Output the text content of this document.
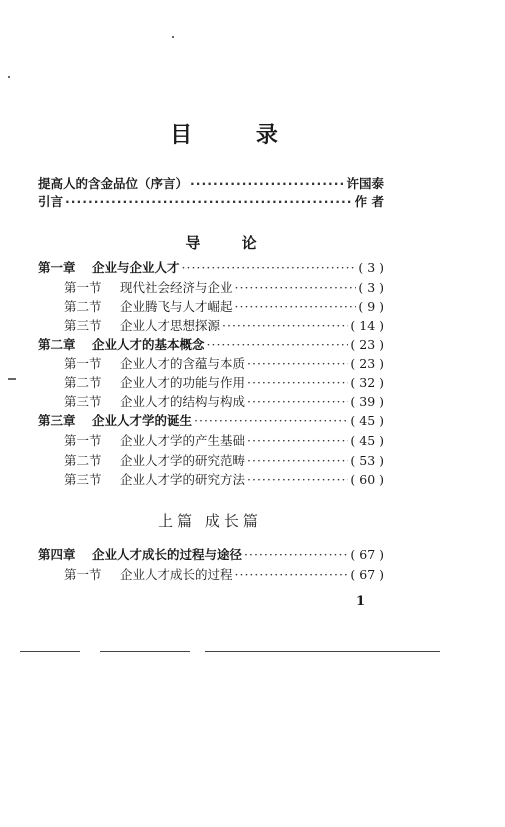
目 录
提高人的含金品位（序言） ·····	许国泰
引言 ·····	作 者
导 论
第一章 企业与企业人才 ·····	( 3 )
第一节 现代社会经济与企业 ·····	( 3 )
第二节 企业腾飞与人才崛起 ·····	( 9 )
第三节 企业人才思想探源 ·····	( 14 )
第二章 企业人才的基本概念 ·····	( 23 )
第一节 企业人才的含蕴与本质 ·····	( 23 )
第二节 企业人才的功能与作用 ·····	( 32 )
第三节 企业人才的结构与构成 ·····	( 39 )
第三章 企业人才学的诞生 ·····	( 45 )
第一节 企业人才学的产生基础 ·····	( 45 )
第二节 企业人才学的研究范畴 ·····	( 53 )
第三节 企业人才学的研究方法 ·····	( 60 )
上篇 成长篇
第四章 企业人才成长的过程与途径 ·····	( 67 )
第一节 企业人才成长的过程 ·····	( 67 )
1
